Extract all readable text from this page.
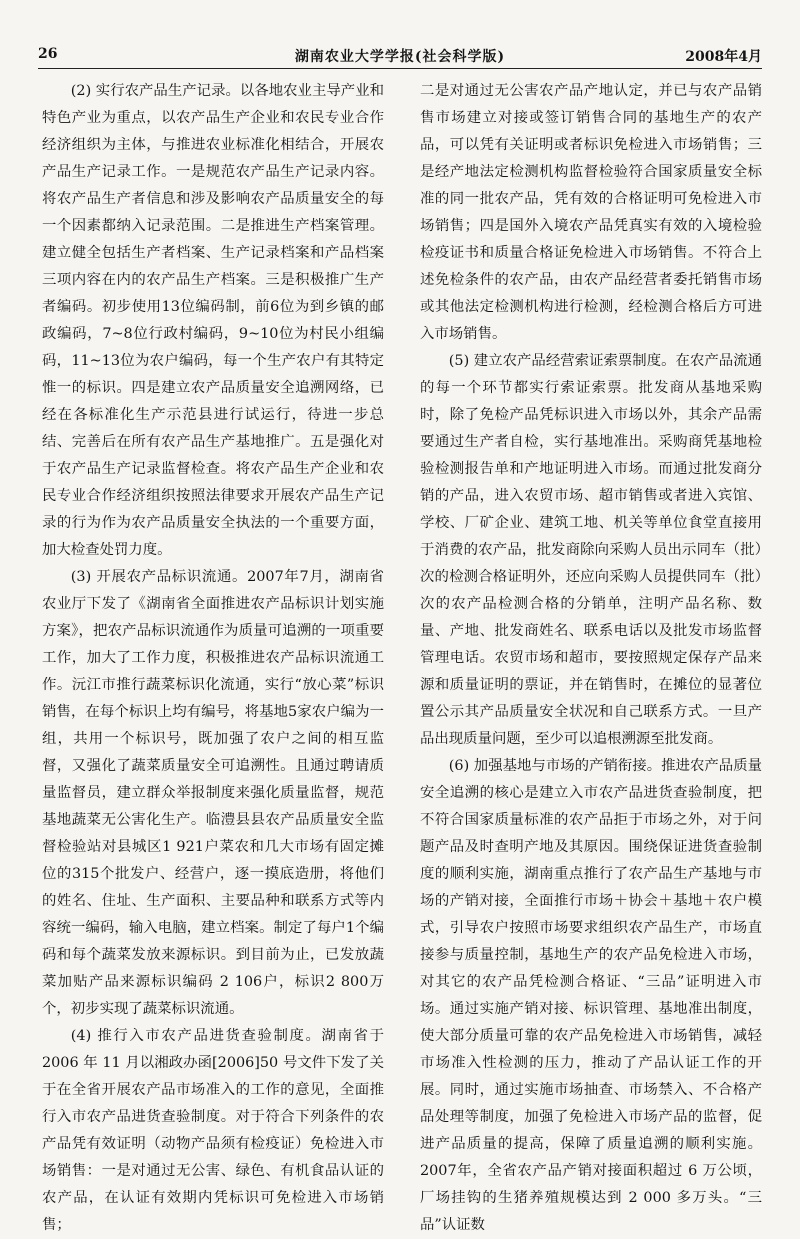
26	湖南农业大学学报(社会科学版)	2008年4月

(2) 实行农产品生产记录。以各地农业主导产业和特色产业为重点，以农产品生产企业和农民专业合作经济组织为主体，与推进农业标准化相结合，开展农产品生产记录工作。一是规范农产品生产记录内容。将农产品生产者信息和涉及影响农产品质量安全的每一个因素都纳入记录范围。二是推进生产档案管理。建立健全包括生产者档案、生产记录档案和产品档案三项内容在内的农产品生产档案。三是积极推广生产者编码。初步使用13位编码制，前6位为到乡镇的邮政编码，7~8位行政村编码，9~10位为村民小组编码，11~13位为农户编码，每一个生产农户有其特定惟一的标识。四是建立农产品质量安全追溯网络，已经在各标准化生产示范县进行试运行，待进一步总结、完善后在所有农产品生产基地推广。五是强化对于农产品生产记录监督检查。将农产品生产企业和农民专业合作经济组织按照法律要求开展农产品生产记录的行为作为农产品质量安全执法的一个重要方面，加大检查处罚力度。

(3) 开展农产品标识流通。2007年7月，湖南省农业厅下发了《湖南省全面推进农产品标识计划实施方案》，把农产品标识流通作为质量可追溯的一项重要工作，加大了工作力度，积极推进农产品标识流通工作。沅江市推行蔬菜标识化流通，实行“放心菜”标识销售，在每个标识上均有编号，将基地5家农户编为一组，共用一个标识号，既加强了农户之间的相互监督，又强化了蔬菜质量安全可追溯性。且通过聘请质量监督员，建立群众举报制度来强化质量监督，规范基地蔬菜无公害化生产。临澧县县农产品质量安全监督检验站对县城区1 921户菜农和几大市场有固定摊位的315个批发户、经营户，逐一摸底造册，将他们的姓名、住址、生产面积、主要品种和联系方式等内容统一编码，输入电脑，建立档案。制定了每户1个编码和每个蔬菜发放来源标识。到目前为止，已发放蔬菜加贴产品来源标识编码 2 106户，标识2 800万个，初步实现了蔬菜标识流通。

(4) 推行入市农产品进货查验制度。湖南省于2006 年 11 月以湘政办函[2006]50 号文件下发了关于在全省开展农产品市场准入的工作的意见，全面推行入市农产品进货查验制度。对于符合下列条件的农产品凭有效证明（动物产品须有检疫证）免检进入市场销售：一是对通过无公害、绿色、有机食品认证的农产品，在认证有效期内凭标识可免检进入市场销售；

二是对通过无公害农产品产地认定，并已与农产品销售市场建立对接或签订销售合同的基地生产的农产品，可以凭有关证明或者标识免检进入市场销售；三是经产地法定检测机构监督检验符合国家质量安全标准的同一批农产品，凭有效的合格证明可免检进入市场销售；四是国外入境农产品凭真实有效的入境检验检疫证书和质量合格证免检进入市场销售。不符合上述免检条件的农产品，由农产品经营者委托销售市场或其他法定检测机构进行检测，经检测合格后方可进入市场销售。

(5) 建立农产品经营索证索票制度。在农产品流通的每一个环节都实行索证索票。批发商从基地采购时，除了免检产品凭标识进入市场以外，其余产品需要通过生产者自检，实行基地准出。采购商凭基地检验检测报告单和产地证明进入市场。而通过批发商分销的产品，进入农贸市场、超市销售或者进入宾馆、学校、厂矿企业、建筑工地、机关等单位食堂直接用于消费的农产品，批发商除向采购人员出示同车（批）次的检测合格证明外，还应向采购人员提供同车（批）次的农产品检测合格的分销单，注明产品名称、数量、产地、批发商姓名、联系电话以及批发市场监督管理电话。农贸市场和超市，要按照规定保存产品来源和质量证明的票证，并在销售时，在摊位的显著位置公示其产品质量安全状况和自己联系方式。一旦产品出现质量问题，至少可以追根溯源至批发商。

(6) 加强基地与市场的产销衔接。推进农产品质量安全追溯的核心是建立入市农产品进货查验制度，把不符合国家质量标准的农产品拒于市场之外，对于问题产品及时查明产地及其原因。围绕保证进货查验制度的顺利实施，湖南重点推行了农产品生产基地与市场的产销对接，全面推行市场＋协会＋基地＋农户模式，引导农户按照市场要求组织农产品生产，市场直接参与质量控制，基地生产的农产品免检进入市场，对其它的农产品凭检测合格证、“三品”证明进入市场。通过实施产销对接、标识管理、基地准出制度，使大部分质量可靠的农产品免检进入市场销售，减轻市场准入性检测的压力，推动了产品认证工作的开展。同时，通过实施市场抽查、市场禁入、不合格产品处理等制度，加强了免检进入市场产品的监督，促进产品质量的提高，保障了质量追溯的顺利实施。2007年，全省农产品产销对接面积超过 6 万公顷，厂场挂钩的生猪养殖规模达到 2 000 多万头。“三品”认证数
